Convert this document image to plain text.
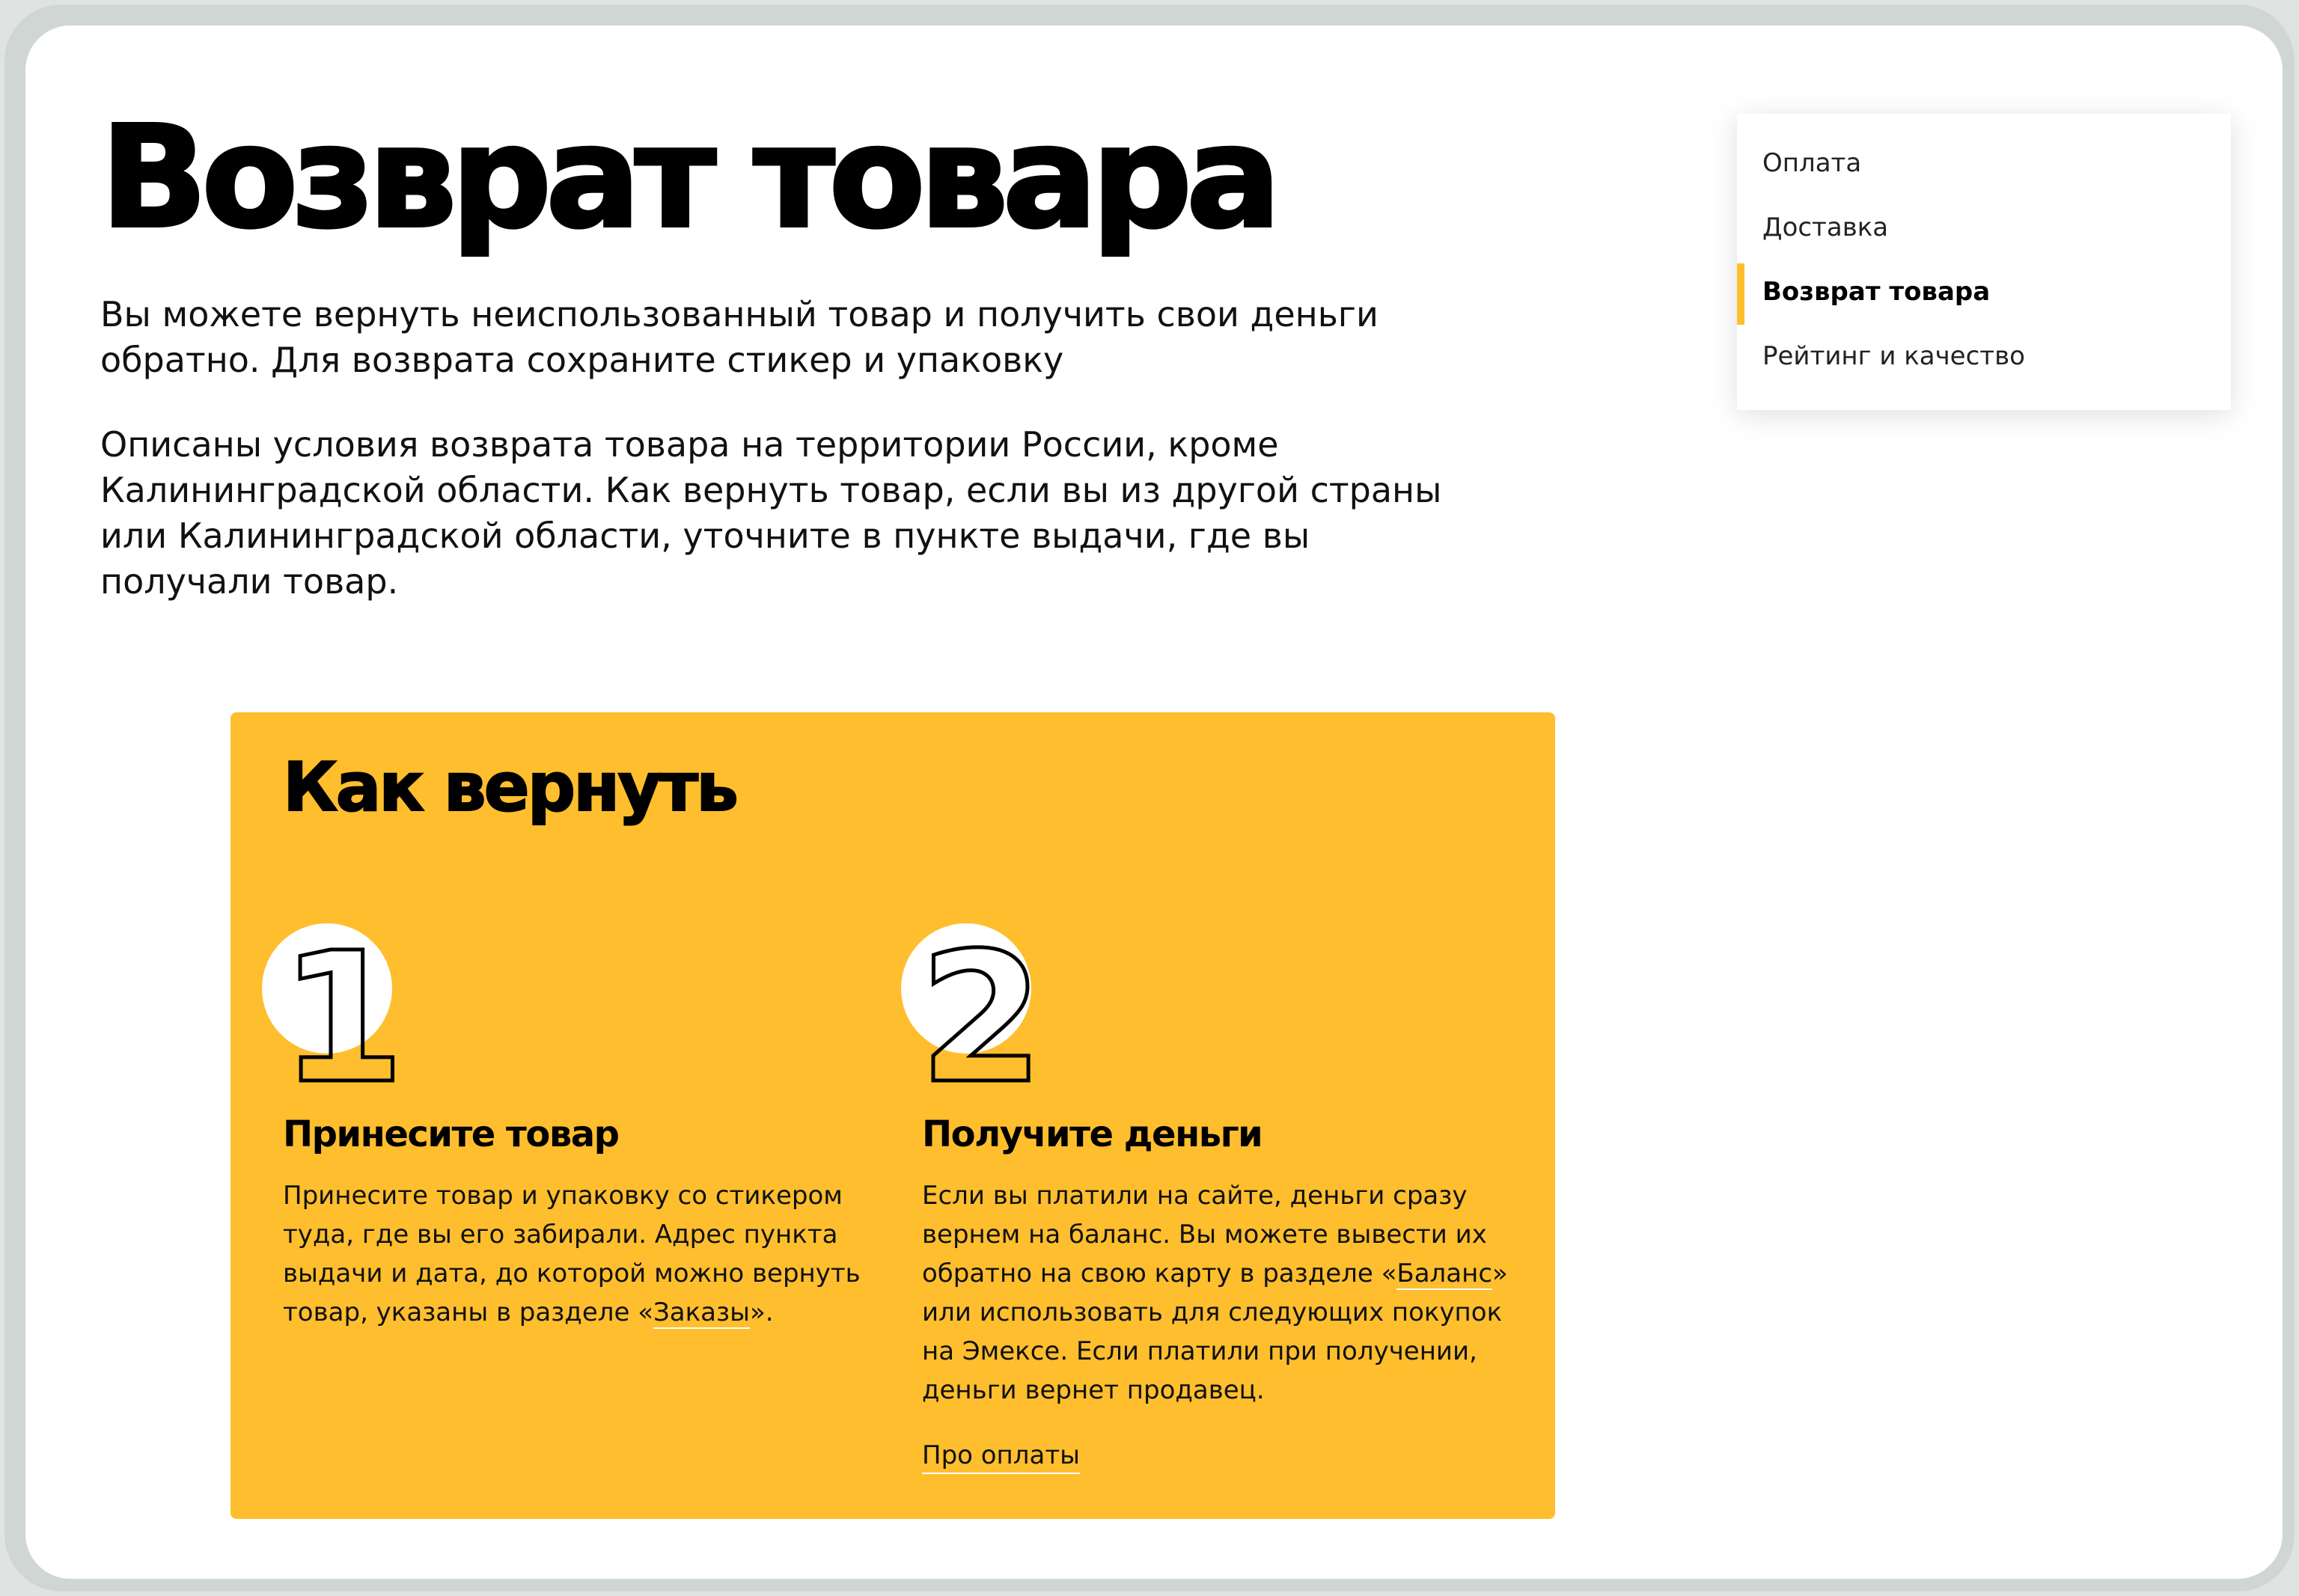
Возврат товара

Вы можете вернуть неиспользованный товар и получить свои деньги обратно. Для возврата сохраните стикер и упаковку

Описаны условия возврата товара на территории России, кроме
Калининградской области. Как вернуть товар, если вы из другой страны
или Калининградской области, уточните в пункте выдачи, где вы
получали товар.

Оплата
Доставка
Возврат товара
Рейтинг и качество
Как вернуть
1
Принесите товар

Принесите товар и упаковку со стикером туда, где вы его забирали. Адрес пункта выдачи и дата, до которой можно вернуть товар, указаны в разделе «Заказы».

2
Получите деньги

Если вы платили на сайте, деньги сразу вернем на баланс. Вы можете вывести их обратно на свою карту в разделе «Баланс» или использовать для следующих покупок на Эмексе. Если платили при получении, деньги вернет продавец.

Про оплаты
